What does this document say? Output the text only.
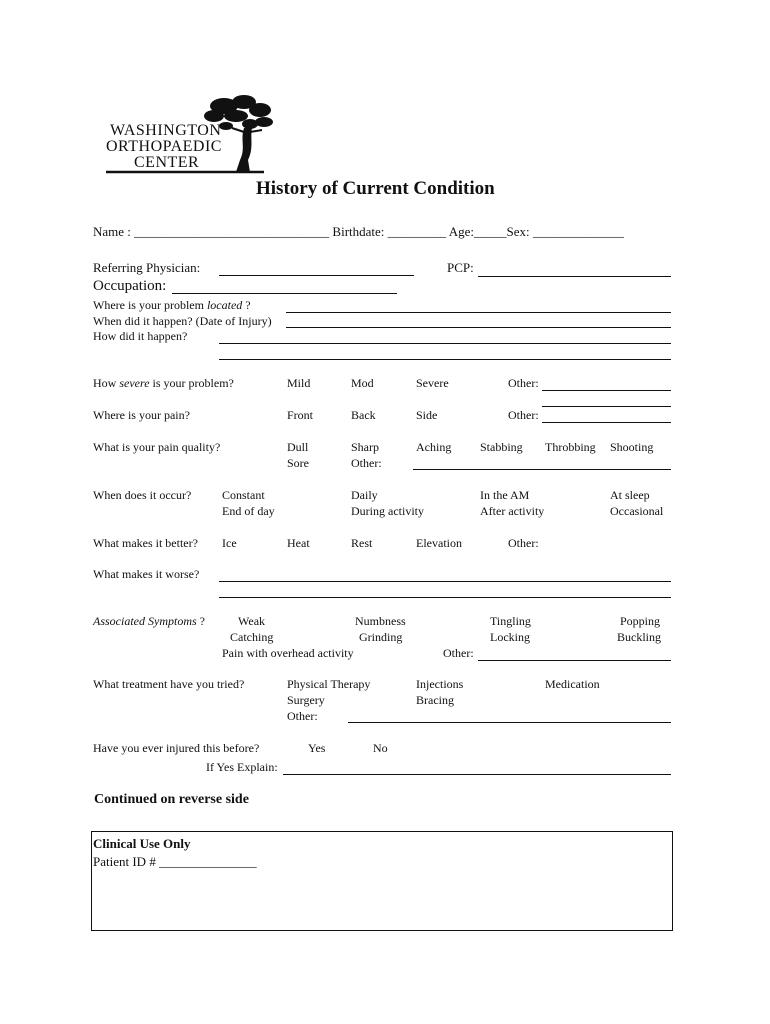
WASHINGTON
ORTHOPAEDIC
CENTER
History of Current Condition
Name : ______________________________ Birthdate: _________ Age:_____Sex: ______________
Referring Physician:	PCP:
Occupation:
Where is your problem located ?
When did it happen? (Date of Injury)
How did it happen?
How severe is your problem?	Mild	Mod	Severe	Other:
Where is your pain?	Front	Back	Side	Other:
What is your pain quality?	Dull	Sharp	Aching Stabbing Throbbing Shooting
Sore	Other:
When does it occur?	Constant	Daily	In the AM	At sleep
End of day	During activity	After activity	Occasional
What makes it better? Ice	Heat	Rest	Elevation	Other:
What makes it worse?
Associated Symptoms ?	Weak	Numbness	Tingling	Popping
Catching	Grinding	Locking	Buckling
Pain with overhead activity	Other:
What treatment have you tried?	Physical Therapy	Injections	Medication
Surgery	Bracing
Other:
Have you ever injured this before?	Yes	No
If Yes Explain:
Continued on reverse side
Clinical Use Only
Patient ID # _______________
